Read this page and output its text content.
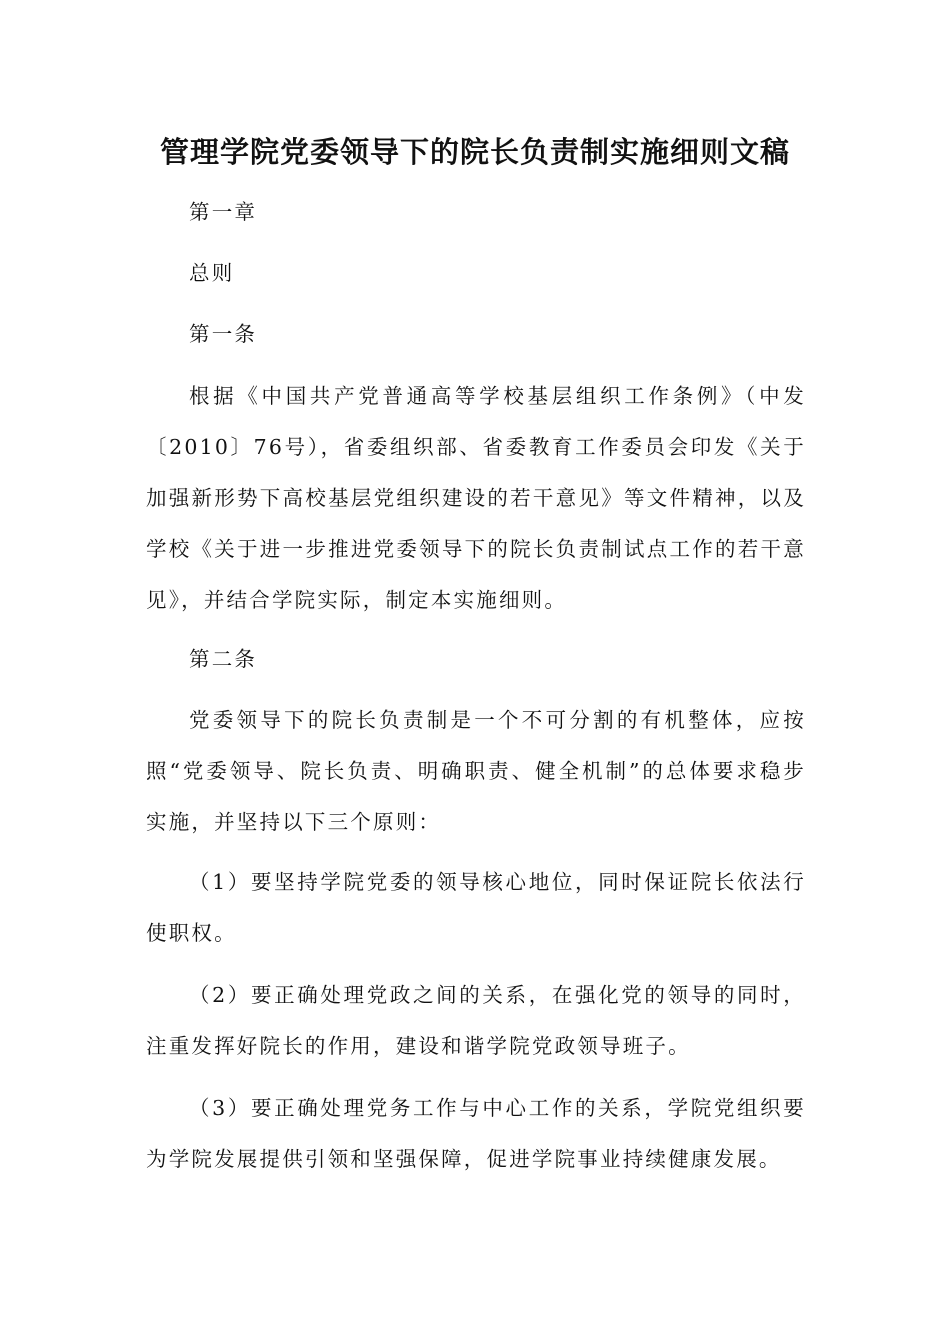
管理学院党委领导下的院长负责制实施细则文稿

第一章

总则

第一条

根据《中国共产党普通高等学校基层组织工作条例》（中发〔2010〕76号），省委组织部、省委教育工作委员会印发《关于加强新形势下高校基层党组织建设的若干意见》等文件精神，以及学校《关于进一步推进党委领导下的院长负责制试点工作的若干意见》，并结合学院实际，制定本实施细则。

第二条

党委领导下的院长负责制是一个不可分割的有机整体，应按照“党委领导、院长负责、明确职责、健全机制”的总体要求稳步实施，并坚持以下三个原则：

（1）要坚持学院党委的领导核心地位，同时保证院长依法行使职权。

（2）要正确处理党政之间的关系，在强化党的领导的同时，注重发挥好院长的作用，建设和谐学院党政领导班子。

（3）要正确处理党务工作与中心工作的关系，学院党组织要为学院发展提供引领和坚强保障，促进学院事业持续健康发展。
